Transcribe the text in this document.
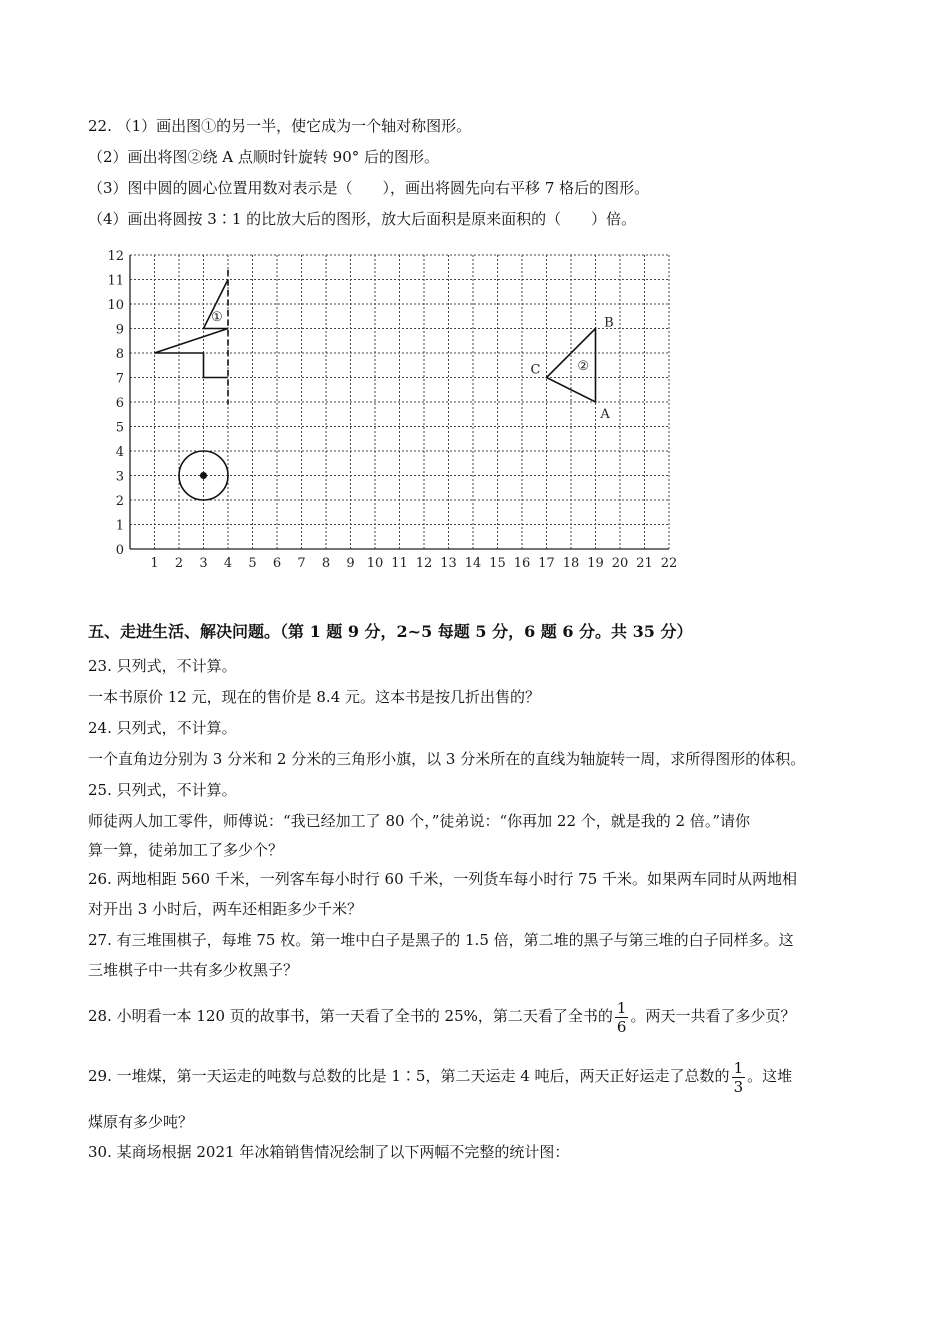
22. （1）画出图①的另一半，使它成为一个轴对称图形。
（2）画出将图②绕 A 点顺时针旋转 90° 后的图形。
（3）图中圆的圆心位置用数对表示是（　　），画出将圆先向右平移 7 格后的图形。
（4）画出将圆按 3∶1 的比放大后的图形，放大后面积是原来面积的（　　）倍。
1 2 3 4 5 6 7 8 9 10 11 12 13 14 15 16 17 18 19 20 21 22
0
1
2
3
4
5
6
7
8
9
10
11
12
①
②
B
A
C
五、走进生活、解决问题。（第 1 题 9 分，2~5 每题 5 分，6 题 6 分。共 35 分）
23. 只列式，不计算。
一本书原价 12 元，现在的售价是 8.4 元。这本书是按几折出售的？
24. 只列式，不计算。
一个直角边分别为 3 分米和 2 分米的三角形小旗，以 3 分米所在的直线为轴旋转一周，求所得图形的体积。
25. 只列式，不计算。
师徒两人加工零件，师傅说：“我已经加工了 80 个，”徒弟说：“你再加 22 个，就是我的 2 倍。”请你
算一算，徒弟加工了多少个？
26. 两地相距 560 千米，一列客车每小时行 60 千米，一列货车每小时行 75 千米。如果两车同时从两地相
对开出 3 小时后，两车还相距多少千米？
27. 有三堆围棋子，每堆 75 枚。第一堆中白子是黑子的 1.5 倍，第二堆的黑子与第三堆的白子同样多。这
三堆棋子中一共有多少枚黑子？
28. 小明看一本 120 页的故事书，第一天看了全书的 25%，第二天看了全书的 $\frac{1}{6}$ 。两天一共看了多少页？
29. 一堆煤，第一天运走的吨数与总数的比是 1∶5，第二天运走 4 吨后，两天正好运走了总数的 $\frac{1}{3}$ 。这堆
煤原有多少吨？
30. 某商场根据 2021 年冰箱销售情况绘制了以下两幅不完整的统计图：
